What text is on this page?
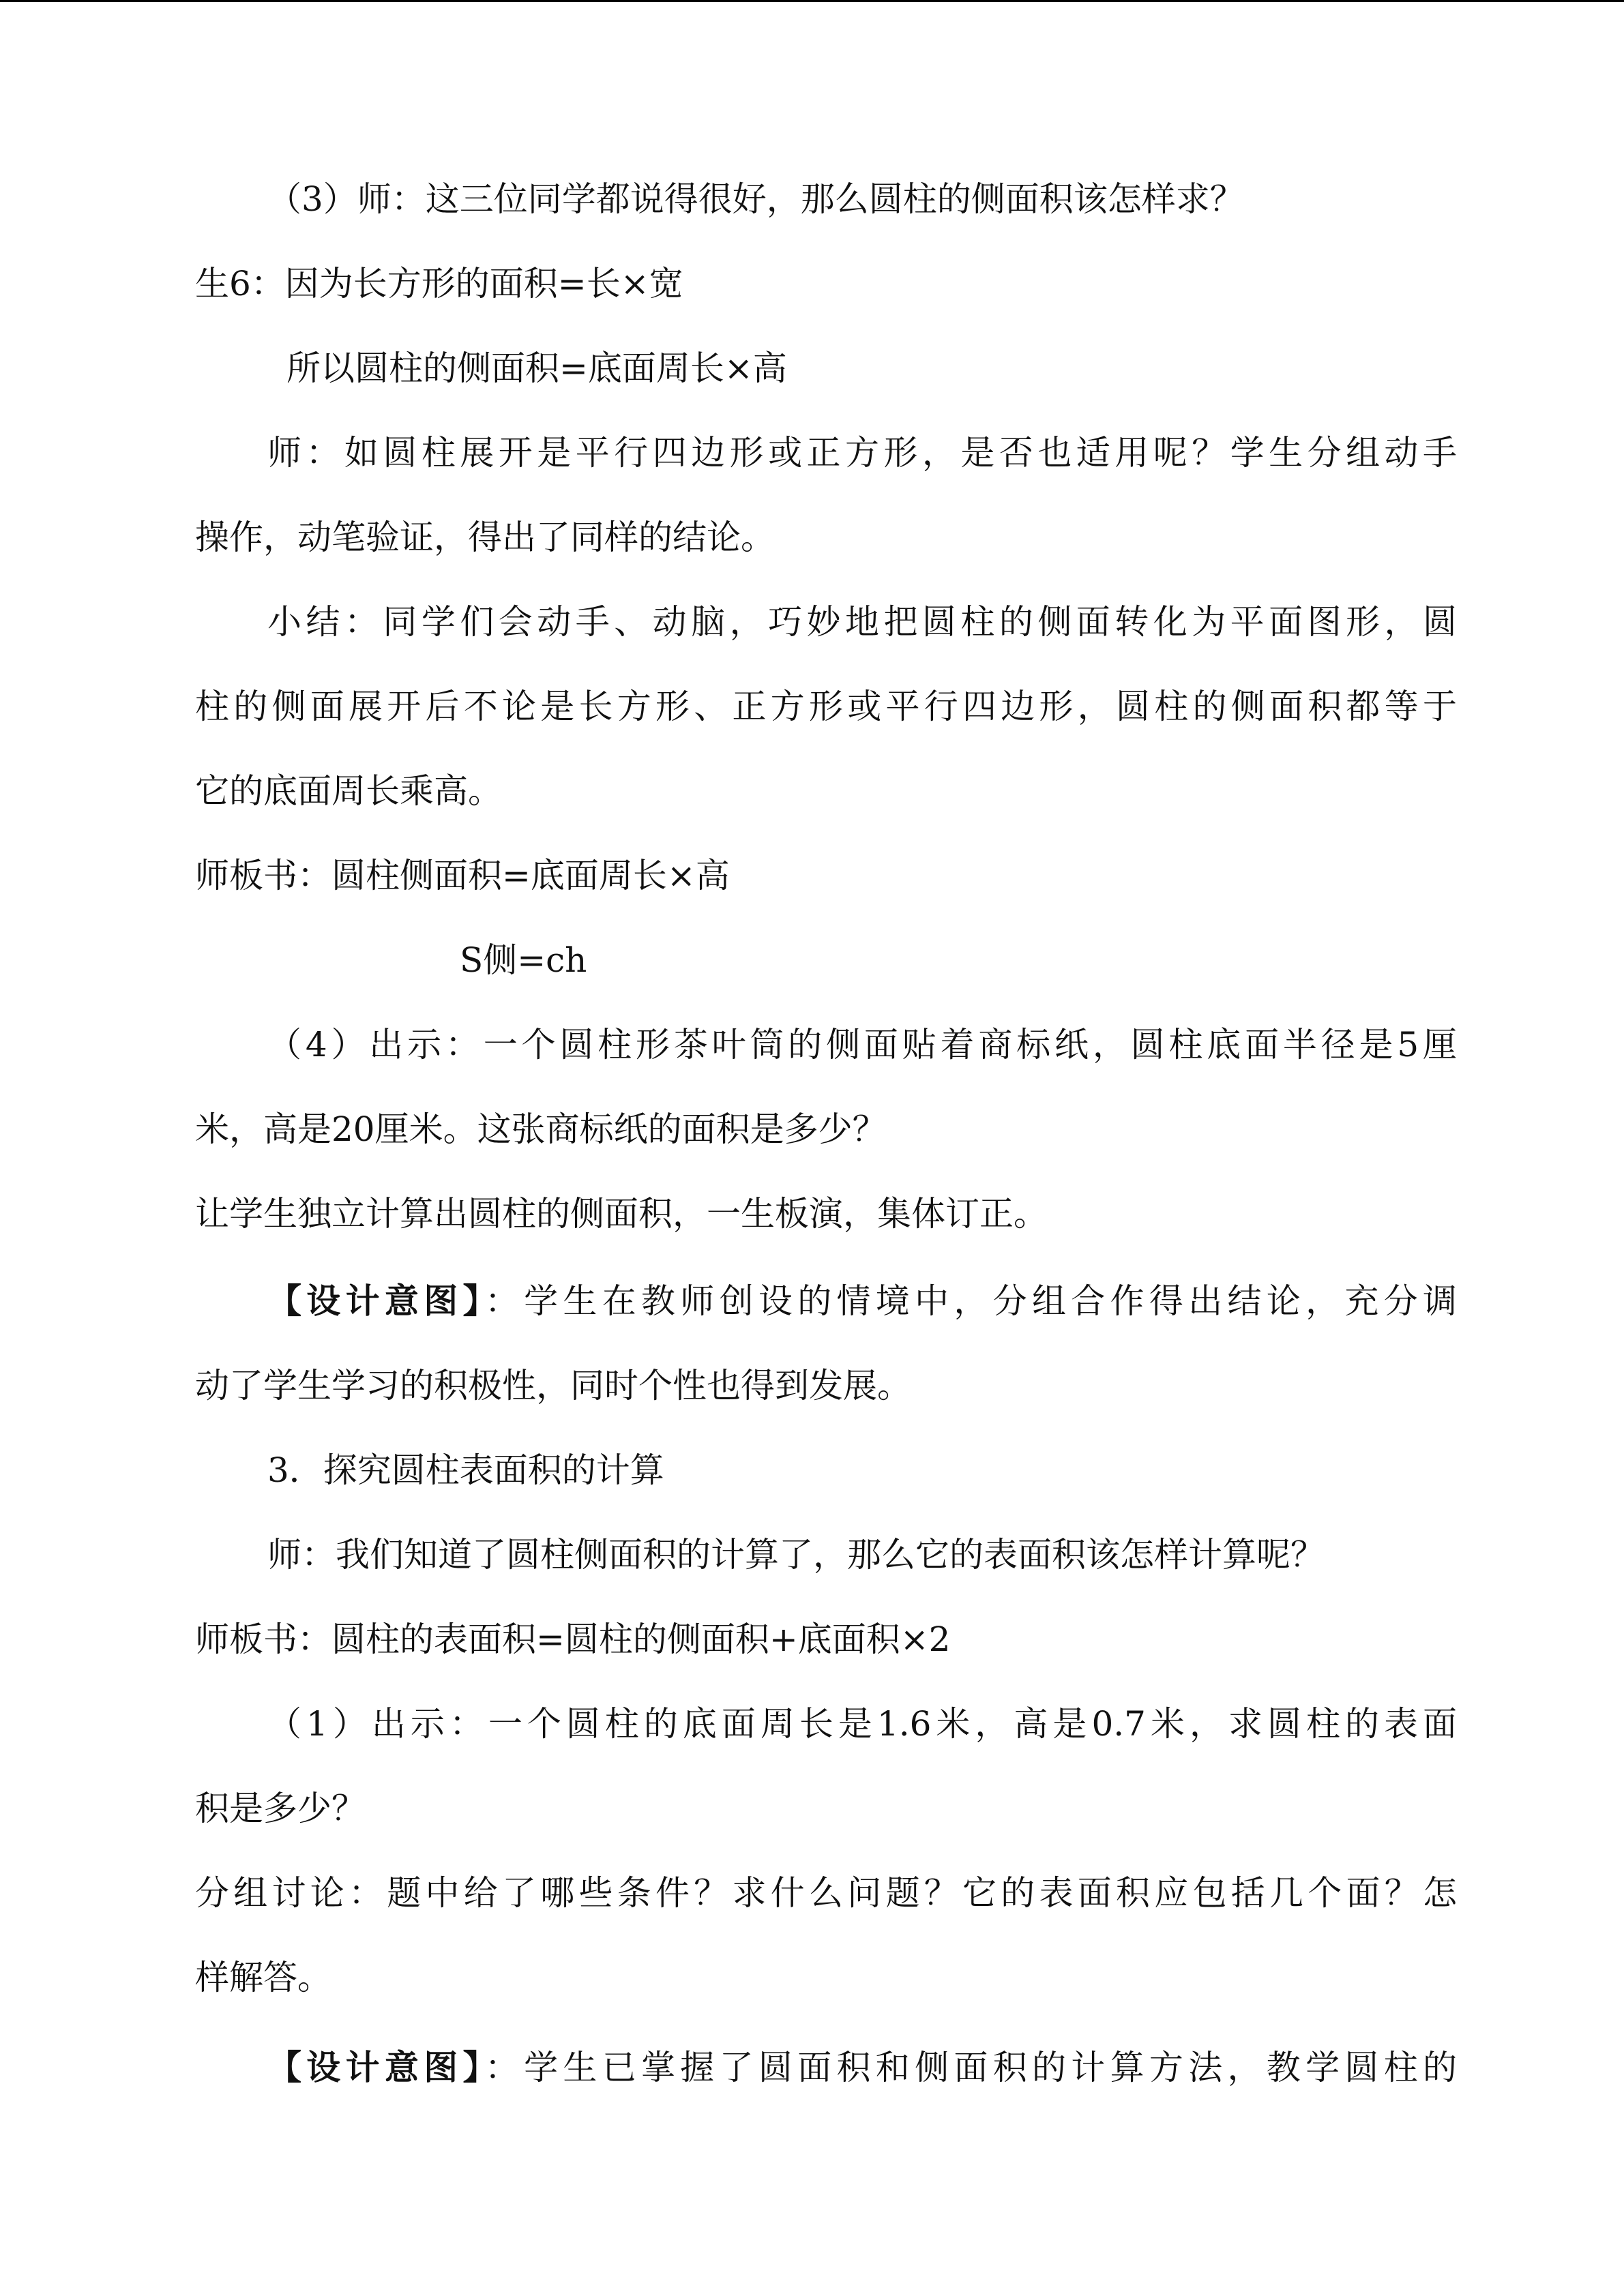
（3）师：这三位同学都说得很好，那么圆柱的侧面积该怎样求？
生6：因为长方形的面积=长×宽
所以圆柱的侧面积=底面周长×高
师：如圆柱展开是平行四边形或正方形，是否也适用呢？学生分组动手
操作，动笔验证，得出了同样的结论。
小结：同学们会动手、动脑，巧妙地把圆柱的侧面转化为平面图形，圆
柱的侧面展开后不论是长方形、正方形或平行四边形，圆柱的侧面积都等于
它的底面周长乘高。
师板书：圆柱侧面积=底面周长×高
S侧=ch
（4）出示：一个圆柱形茶叶筒的侧面贴着商标纸，圆柱底面半径是5厘
米，高是20厘米。这张商标纸的面积是多少？
让学生独立计算出圆柱的侧面积，一生板演，集体订正。
【设计意图】：学生在教师创设的情境中，分组合作得出结论，充分调
动了学生学习的积极性，同时个性也得到发展。
3．探究圆柱表面积的计算
师：我们知道了圆柱侧面积的计算了，那么它的表面积该怎样计算呢？
师板书：圆柱的表面积=圆柱的侧面积+底面积×2
（1）出示：一个圆柱的底面周长是1.6米，高是0.7米，求圆柱的表面
积是多少？
分组讨论：题中给了哪些条件？求什么问题？它的表面积应包括几个面？怎
样解答。
【设计意图】：学生已掌握了圆面积和侧面积的计算方法，教学圆柱的
